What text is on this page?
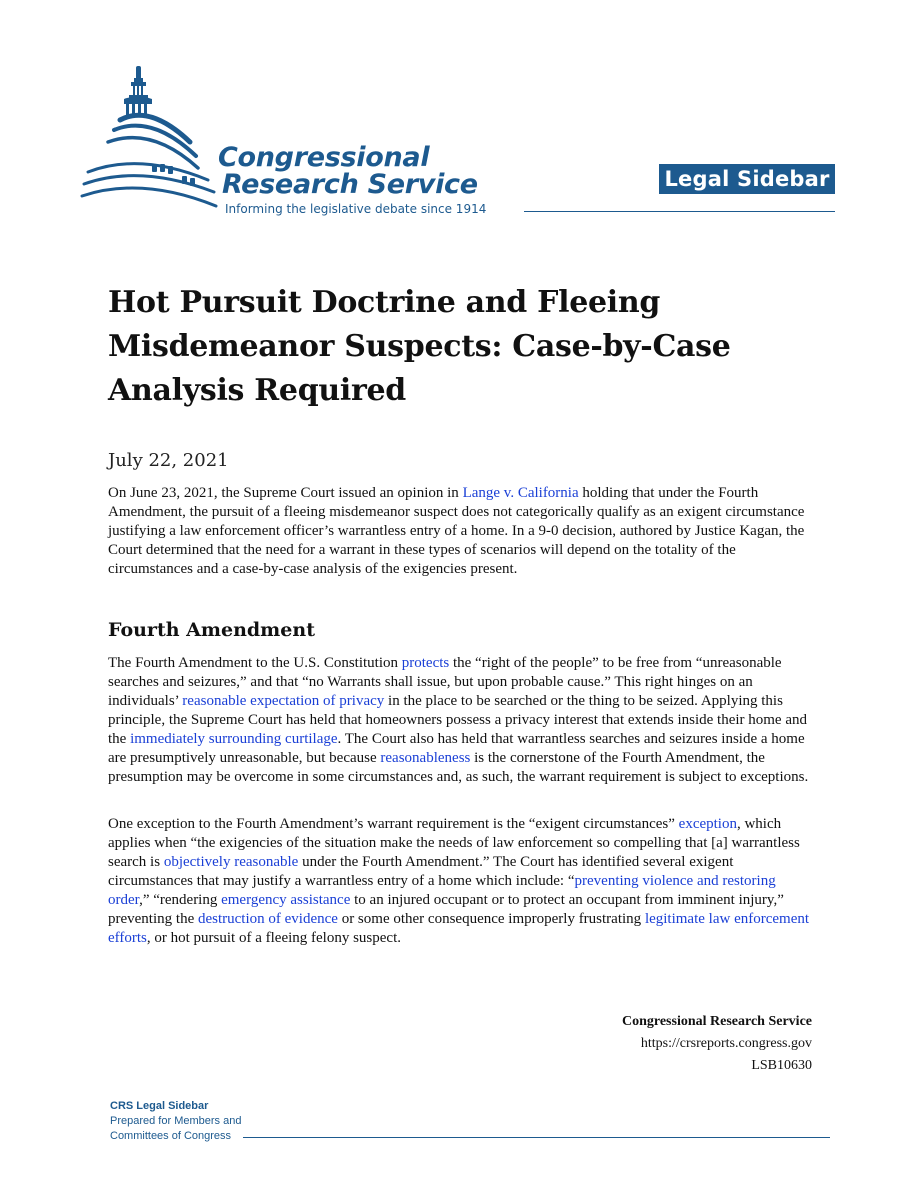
Congressional
Research Service
Informing the legislative debate since 1914
Legal Sidebar
Hot Pursuit Doctrine and Fleeing Misdemeanor Suspects: Case-by-Case Analysis Required
July 22, 2021

On June 23, 2021, the Supreme Court issued an opinion in Lange v. California holding that under the Fourth Amendment, the pursuit of a fleeing misdemeanor suspect does not categorically qualify as an exigent circumstance justifying a law enforcement officer’s warrantless entry of a home. In a 9-0 decision, authored by Justice Kagan, the Court determined that the need for a warrant in these types of scenarios will depend on the totality of the circumstances and a case-by-case analysis of the exigencies present.

Fourth Amendment

The Fourth Amendment to the U.S. Constitution protects the “right of the people” to be free from “unreasonable searches and seizures,” and that “no Warrants shall issue, but upon probable cause.” This right hinges on an individuals’ reasonable expectation of privacy in the place to be searched or the thing to be seized. Applying this principle, the Supreme Court has held that homeowners possess a privacy interest that extends inside their home and the immediately surrounding curtilage. The Court also has held that warrantless searches and seizures inside a home are presumptively unreasonable, but because reasonableness is the cornerstone of the Fourth Amendment, the presumption may be overcome in some circumstances and, as such, the warrant requirement is subject to exceptions.

One exception to the Fourth Amendment’s warrant requirement is the “exigent circumstances” exception, which applies when “the exigencies of the situation make the needs of law enforcement so compelling that [a] warrantless search is objectively reasonable under the Fourth Amendment.” The Court has identified several exigent circumstances that may justify a warrantless entry of a home which include: “preventing violence and restoring order,” “rendering emergency assistance to an injured occupant or to protect an occupant from imminent injury,” preventing the destruction of evidence or some other consequence improperly frustrating legitimate law enforcement efforts, or hot pursuit of a fleeing felony suspect.

Congressional Research Service
https://crsreports.congress.gov
LSB10630
CRS Legal Sidebar
Prepared for Members and
Committees of Congress
